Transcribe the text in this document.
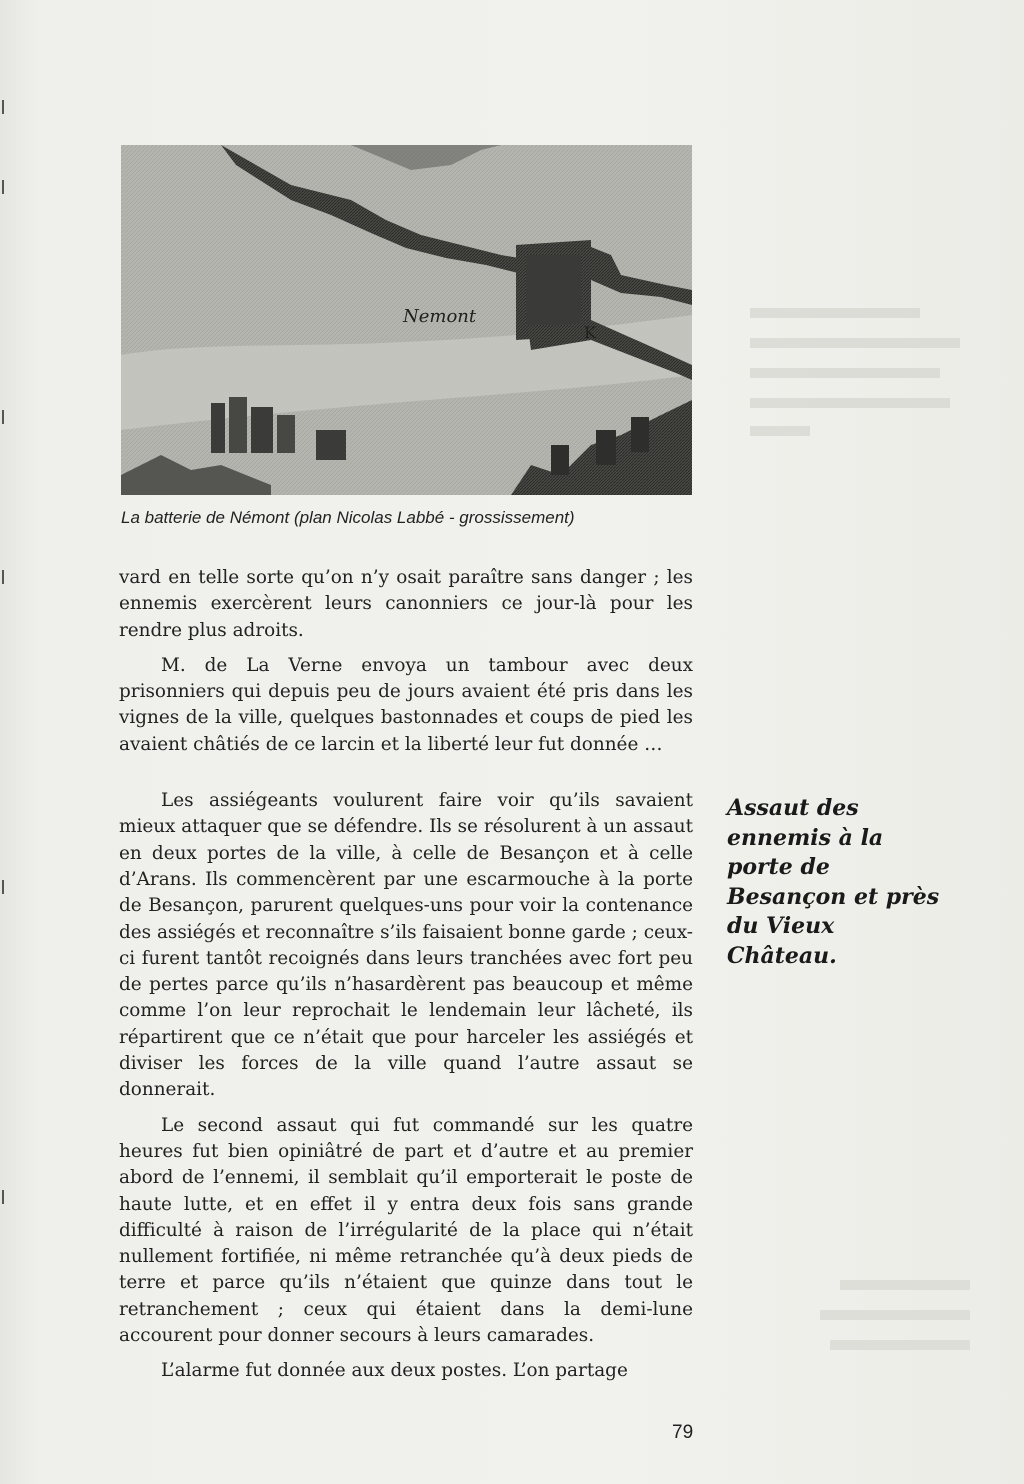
Nemont
K
La batterie de Némont (plan Nicolas Labbé - grossissement)

vard en telle sorte qu’on n’y osait paraître sans danger ; les ennemis exercèrent leurs canonniers ce jour-là pour les rendre plus adroits.

M. de La Verne envoya un tambour avec deux prisonniers qui depuis peu de jours avaient été pris dans les vignes de la ville, quelques bastonnades et coups de pied les avaient châtiés de ce larcin et la liberté leur fut donnée …

Les assiégeants voulurent faire voir qu’ils savaient mieux attaquer que se défendre. Ils se résolurent à un assaut en deux portes de la ville, à celle de Besançon et à celle d’Arans. Ils commencèrent par une escarmouche à la porte de Besançon, parurent quelques-uns pour voir la contenance des assiégés et reconnaître s’ils faisaient bonne garde ; ceux-ci furent tantôt recoignés dans leurs tranchées avec fort peu de pertes parce qu’ils n’hasardèrent pas beaucoup et même comme l’on leur reprochait le lendemain leur lâcheté, ils répartirent que ce n’était que pour harceler les assiégés et diviser les forces de la ville quand l’autre assaut se donnerait.

Le second assaut qui fut commandé sur les quatre heures fut bien opiniâtré de part et d’autre et au premier abord de l’ennemi, il semblait qu’il emporterait le poste de haute lutte, et en effet il y entra deux fois sans grande difficulté à raison de l’irrégularité de la place qui n’était nullement fortifiée, ni même retranchée qu’à deux pieds de terre et parce qu’ils n’étaient que quinze dans tout le retranchement ; ceux qui étaient dans la demi-lune accourent pour donner secours à leurs camarades.

L’alarme fut donnée aux deux postes. L’on partage

Assaut des
ennemis à la
porte de
Besançon et près
du Vieux
Château.
79
